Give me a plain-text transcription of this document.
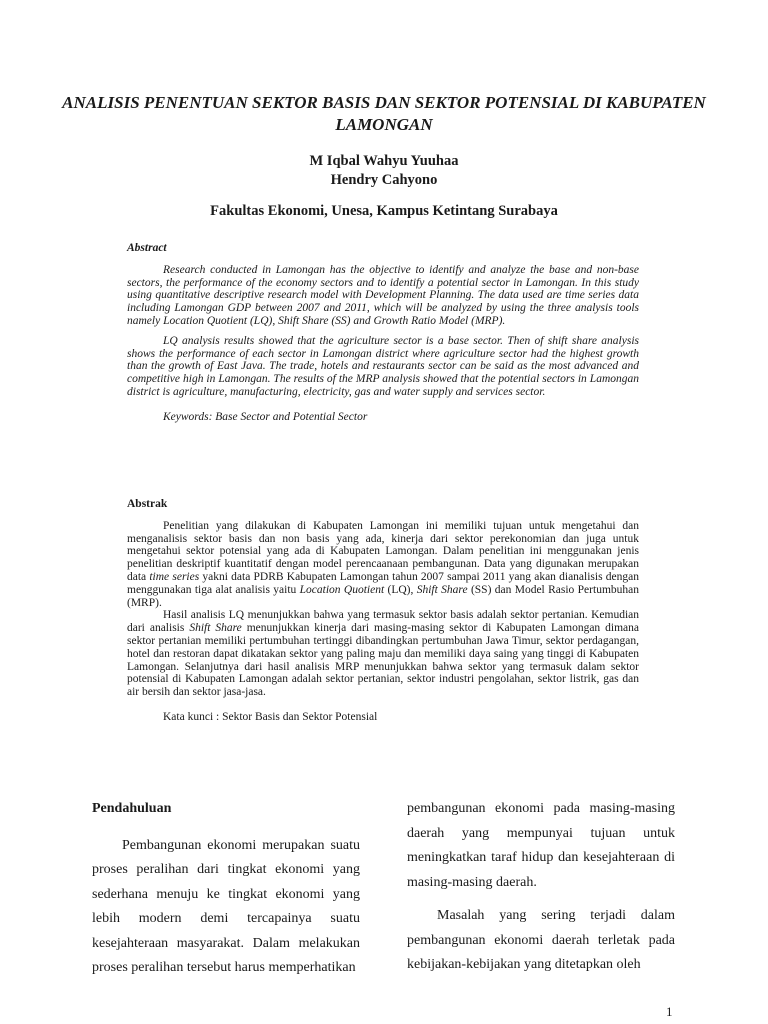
ANALISIS PENENTUAN SEKTOR BASIS DAN SEKTOR POTENSIAL DI KABUPATEN LAMONGAN
M Iqbal Wahyu Yuuhaa
Hendry Cahyono
Fakultas Ekonomi, Unesa, Kampus Ketintang Surabaya

Abstract

Research conducted in Lamongan has the objective to identify and analyze the base and non-base sectors, the performance of the economy sectors and to identify a potential sector in Lamongan. In this study using quantitative descriptive research model with Development Planning. The data used are time series data including Lamongan GDP between 2007 and 2011, which will be analyzed by using the three analysis tools namely Location Quotient (LQ), Shift Share (SS) and Growth Ratio Model (MRP).

LQ analysis results showed that the agriculture sector is a base sector. Then of shift share analysis shows the performance of each sector in Lamongan district where agriculture sector had the highest growth than the growth of East Java. The trade, hotels and restaurants sector can be said as the most advanced and competitive high in Lamongan. The results of the MRP analysis showed that the potential sectors in Lamongan district is agriculture, manufacturing, electricity, gas and water supply and services sector.

Keywords: Base Sector and Potential Sector

Abstrak

Penelitian yang dilakukan di Kabupaten Lamongan ini memiliki tujuan untuk mengetahui dan menganalisis sektor basis dan non basis yang ada, kinerja dari sektor perekonomian dan juga untuk mengetahui sektor potensial yang ada di Kabupaten Lamongan. Dalam penelitian ini menggunakan jenis penelitian deskriptif kuantitatif dengan model perencaanaan pembangunan. Data yang digunakan merupakan data time series yakni data PDRB Kabupaten Lamongan tahun 2007 sampai 2011 yang akan dianalisis dengan menggunakan tiga alat analisis yaitu Location Quotient (LQ), Shift Share (SS) dan Model Rasio Pertumbuhan (MRP).

Hasil analisis LQ menunjukkan bahwa yang termasuk sektor basis adalah sektor pertanian. Kemudian dari analisis Shift Share menunjukkan kinerja dari masing-masing sektor di Kabupaten Lamongan dimana sektor pertanian memiliki pertumbuhan tertinggi dibandingkan pertumbuhan Jawa Timur, sektor perdagangan, hotel dan restoran dapat dikatakan sektor yang paling maju dan memiliki daya saing yang tinggi di Kabupaten Lamongan. Selanjutnya dari hasil analisis MRP menunjukkan bahwa sektor yang termasuk dalam sektor potensial di Kabupaten Lamongan adalah sektor pertanian, sektor industri pengolahan, sektor listrik, gas dan air bersih dan sektor jasa-jasa.

Kata kunci : Sektor Basis dan Sektor Potensial

Pendahuluan

Pembangunan ekonomi merupakan suatu proses peralihan dari tingkat ekonomi yang sederhana menuju ke tingkat ekonomi yang lebih modern demi tercapainya suatu kesejahteraan masyarakat. Dalam melakukan proses peralihan tersebut harus memperhatikan

pembangunan ekonomi pada masing-masing daerah yang mempunyai tujuan untuk meningkatkan taraf hidup dan kesejahteraan di masing-masing daerah.

Masalah yang sering terjadi dalam pembangunan ekonomi daerah terletak pada kebijakan-kebijakan yang ditetapkan oleh

1
